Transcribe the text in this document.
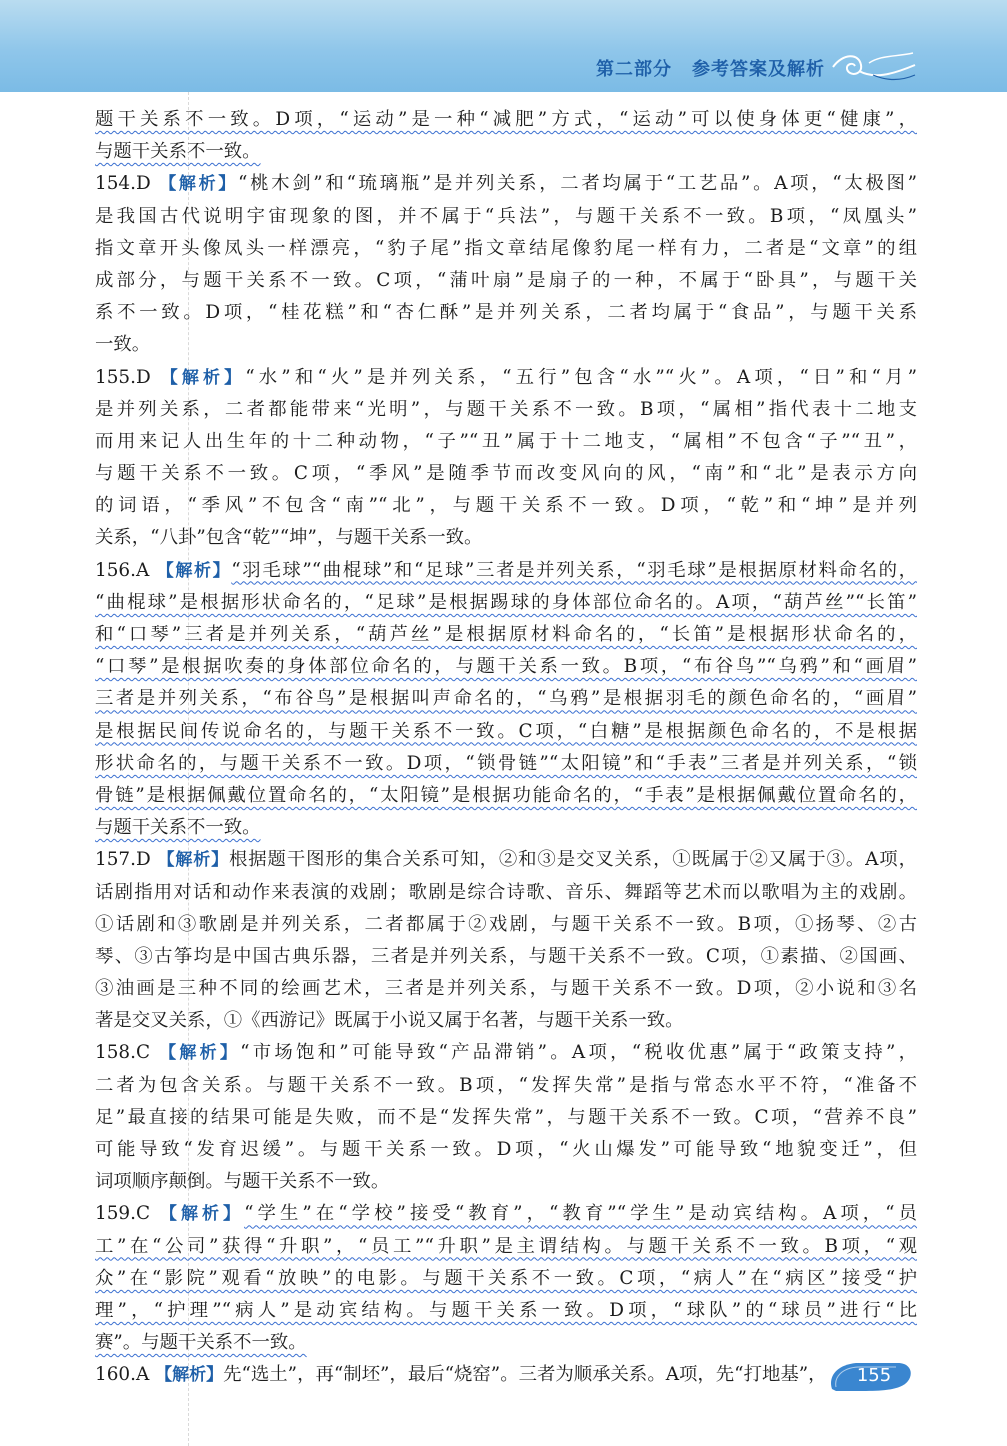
第二部分 参考答案及解析
题干关系不一致。D项，“运动”是一种“减肥”方式，“运动”可以使身体更“健康”，
与题干关系不一致。
154.D 【解析】“桃木剑”和“琉璃瓶”是并列关系，二者均属于“工艺品”。A项，“太极图”
是我国古代说明宇宙现象的图，并不属于“兵法”，与题干关系不一致。B项，“凤凰头”
指文章开头像凤头一样漂亮，“豹子尾”指文章结尾像豹尾一样有力，二者是“文章”的组
成部分，与题干关系不一致。C项，“蒲叶扇”是扇子的一种，不属于“卧具”，与题干关
系不一致。D项，“桂花糕”和“杏仁酥”是并列关系，二者均属于“食品”，与题干关系
一致。
155.D 【解析】“水”和“火”是并列关系，“五行”包含“水”“火”。A项，“日”和“月”
是并列关系，二者都能带来“光明”，与题干关系不一致。B项，“属相”指代表十二地支
而用来记人出生年的十二种动物，“子”“丑”属于十二地支，“属相”不包含“子”“丑”，
与题干关系不一致。C项，“季风”是随季节而改变风向的风，“南”和“北”是表示方向
的词语，“季风”不包含“南”“北”，与题干关系不一致。D项，“乾”和“坤”是并列
关系，“八卦”包含“乾”“坤”，与题干关系一致。
156.A 【解析】“羽毛球”“曲棍球”和“足球”三者是并列关系，“羽毛球”是根据原材料命名的，
“曲棍球”是根据形状命名的，“足球”是根据踢球的身体部位命名的。A项，“葫芦丝”“长笛”
和“口琴”三者是并列关系，“葫芦丝”是根据原材料命名的，“长笛”是根据形状命名的，
“口琴”是根据吹奏的身体部位命名的，与题干关系一致。B项，“布谷鸟”“乌鸦”和“画眉”
三者是并列关系，“布谷鸟”是根据叫声命名的，“乌鸦”是根据羽毛的颜色命名的，“画眉”
是根据民间传说命名的，与题干关系不一致。C项，“白糖”是根据颜色命名的，不是根据
形状命名的，与题干关系不一致。D项，“锁骨链”“太阳镜”和“手表”三者是并列关系，“锁
骨链”是根据佩戴位置命名的，“太阳镜”是根据功能命名的，“手表”是根据佩戴位置命名的，
与题干关系不一致。
157.D 【解析】根据题干图形的集合关系可知，②和③是交叉关系，①既属于②又属于③。A项，
话剧指用对话和动作来表演的戏剧；歌剧是综合诗歌、音乐、舞蹈等艺术而以歌唱为主的戏剧。
①话剧和③歌剧是并列关系，二者都属于②戏剧，与题干关系不一致。B项，①扬琴、②古
琴、③古筝均是中国古典乐器，三者是并列关系，与题干关系不一致。C项，①素描、②国画、
③油画是三种不同的绘画艺术，三者是并列关系，与题干关系不一致。D项，②小说和③名
著是交叉关系，①《西游记》既属于小说又属于名著，与题干关系一致。
158.C 【解析】“市场饱和”可能导致“产品滞销”。A项，“税收优惠”属于“政策支持”，
二者为包含关系。与题干关系不一致。B项，“发挥失常”是指与常态水平不符，“准备不
足”最直接的结果可能是失败，而不是“发挥失常”，与题干关系不一致。C项，“营养不良”
可能导致“发育迟缓”。与题干关系一致。D项，“火山爆发”可能导致“地貌变迁”，但
词项顺序颠倒。与题干关系不一致。
159.C 【解析】“学生”在“学校”接受“教育”，“教育”“学生”是动宾结构。A项，“员
工”在“公司”获得“升职”，“员工”“升职”是主谓结构。与题干关系不一致。B项，“观
众”在“影院”观看“放映”的电影。与题干关系不一致。C项，“病人”在“病区”接受“护
理”，“护理”“病人”是动宾结构。与题干关系一致。D项，“球队”的“球员”进行“比
赛”。与题干关系不一致。
160.A 【解析】先“选土”，再“制坯”，最后“烧窑”。三者为顺承关系。A项，先“打地基”，	155
